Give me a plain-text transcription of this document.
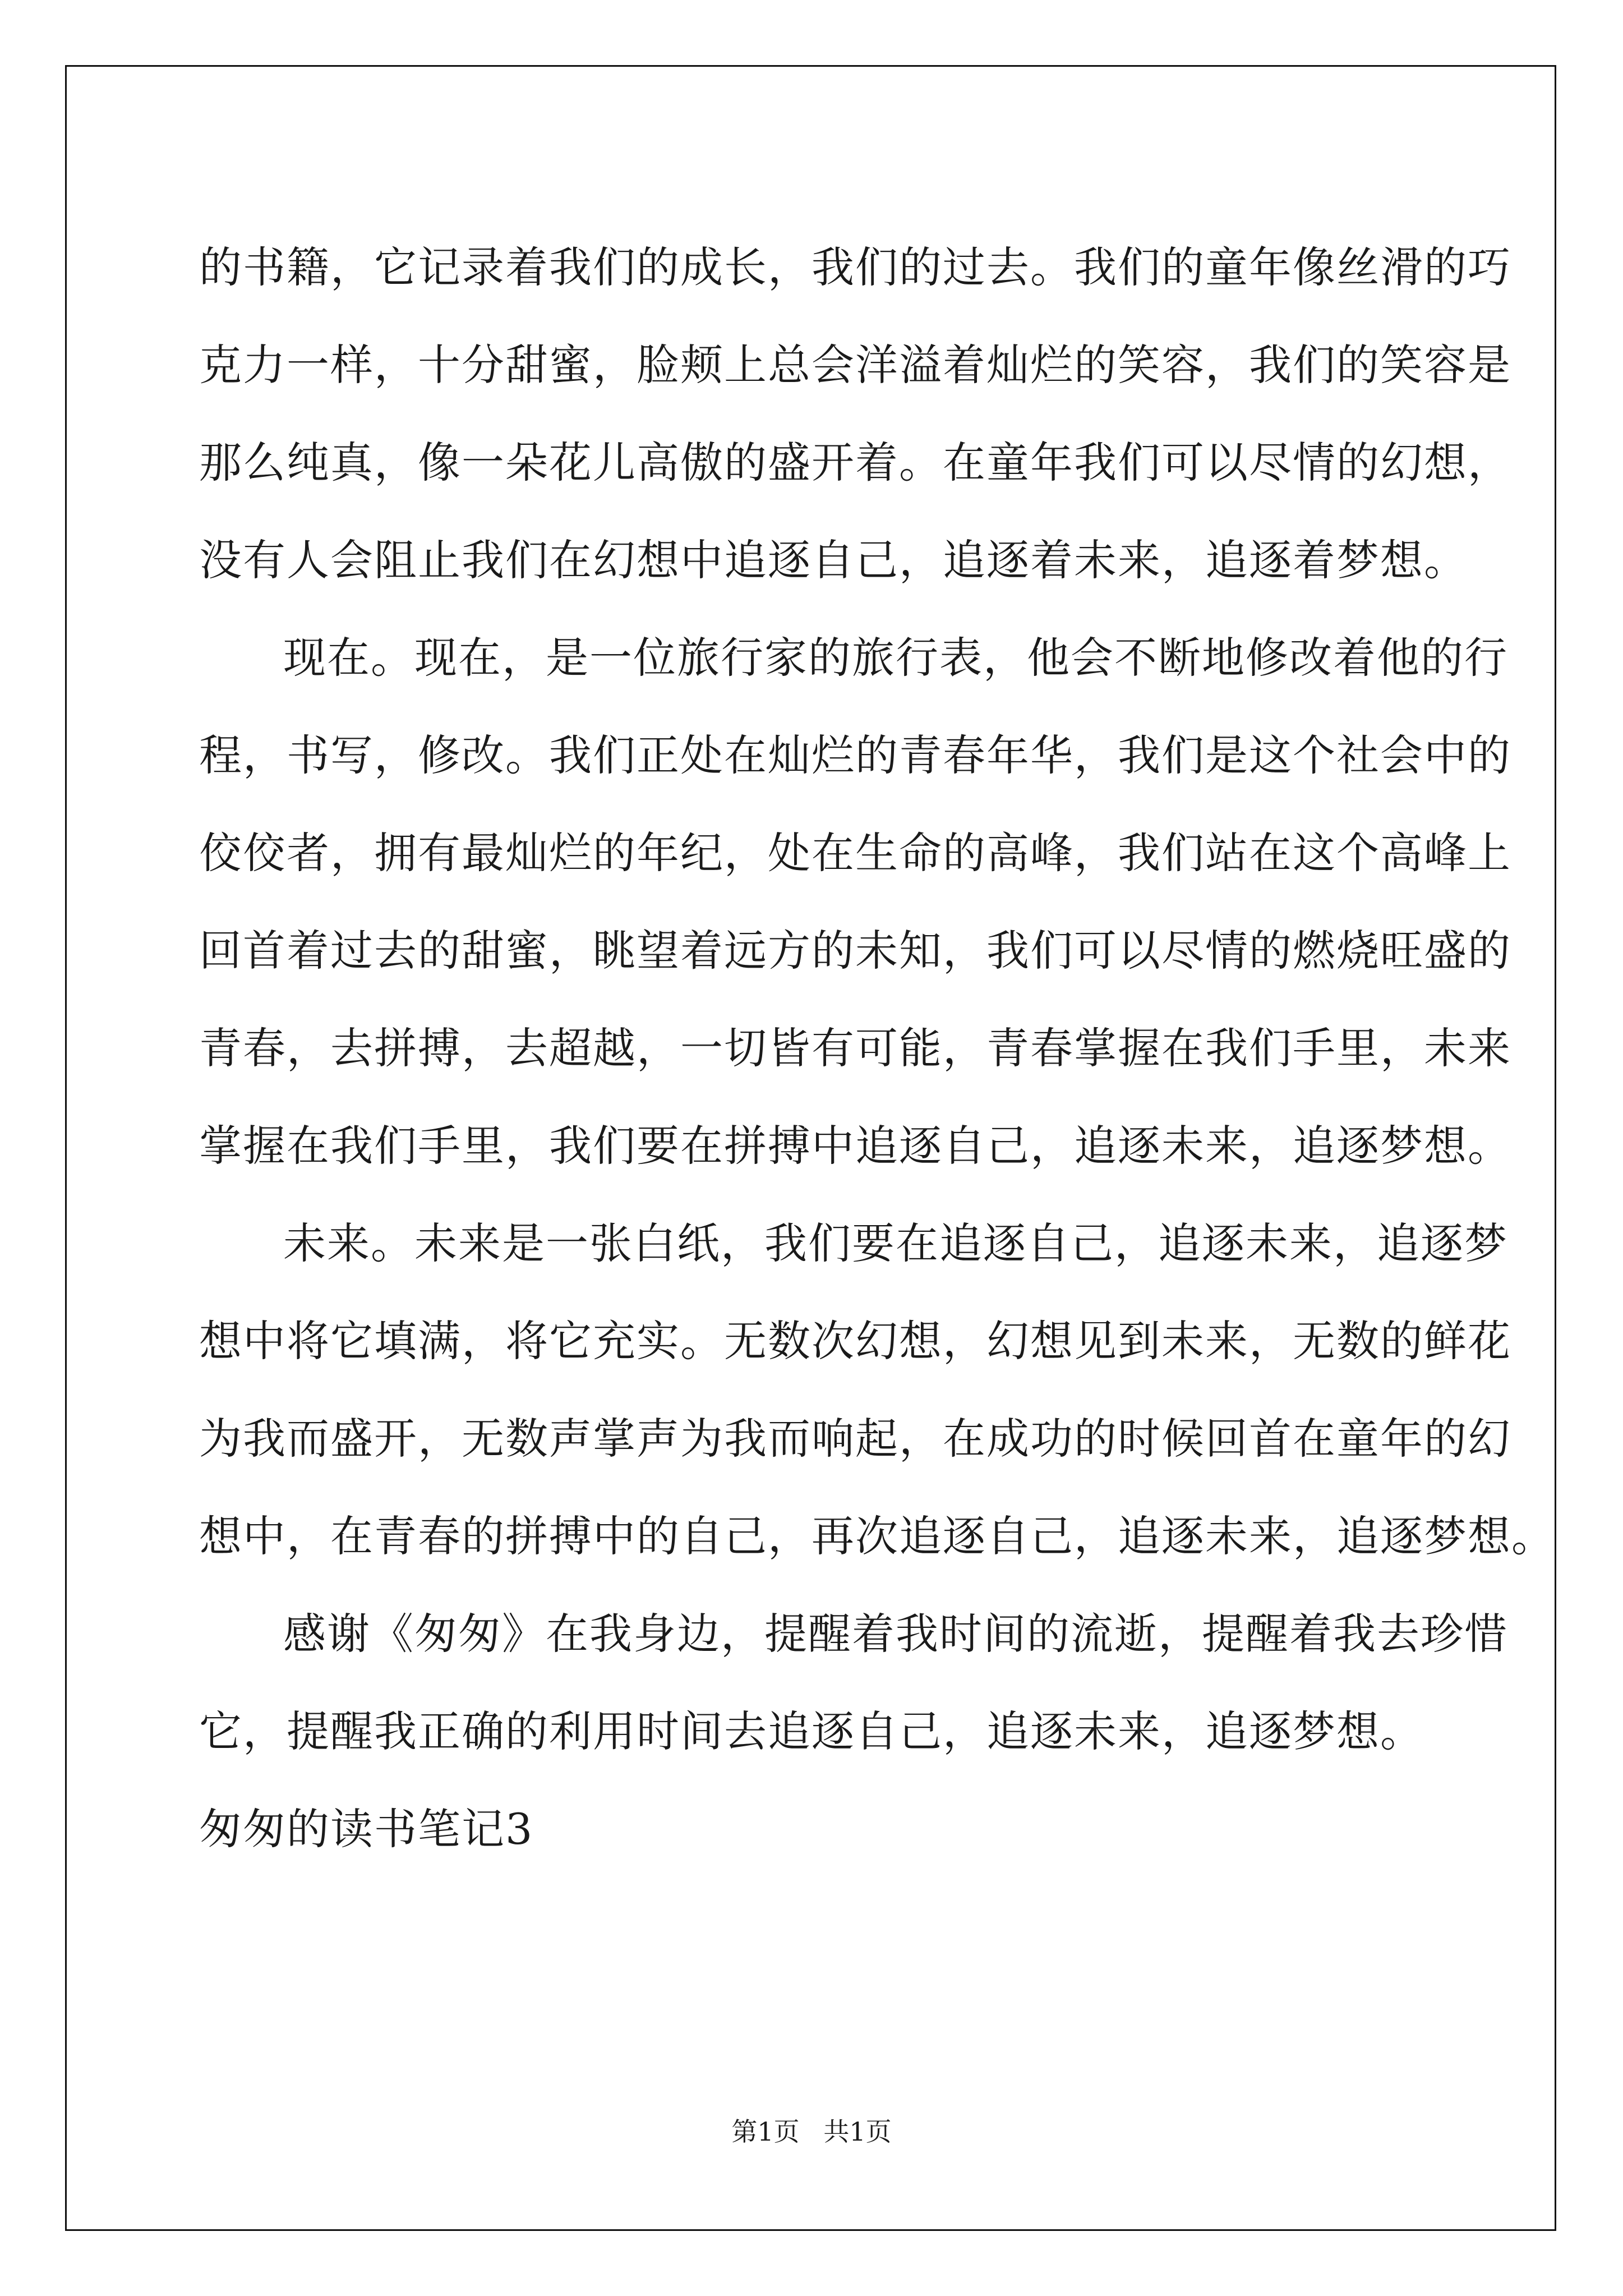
的书籍，它记录着我们的成长，我们的过去。我们的童年像丝滑的巧
克力一样，十分甜蜜，脸颊上总会洋溢着灿烂的笑容，我们的笑容是
那么纯真，像一朵花儿高傲的盛开着。在童年我们可以尽情的幻想，
没有人会阻止我们在幻想中追逐自己，追逐着未来，追逐着梦想。
现在。现在，是一位旅行家的旅行表，他会不断地修改着他的行
程，书写，修改。我们正处在灿烂的青春年华，我们是这个社会中的
佼佼者，拥有最灿烂的年纪，处在生命的高峰，我们站在这个高峰上
回首着过去的甜蜜，眺望着远方的未知，我们可以尽情的燃烧旺盛的
青春，去拼搏，去超越，一切皆有可能，青春掌握在我们手里，未来
掌握在我们手里，我们要在拼搏中追逐自己，追逐未来，追逐梦想。
未来。未来是一张白纸，我们要在追逐自己，追逐未来，追逐梦
想中将它填满，将它充实。无数次幻想，幻想见到未来，无数的鲜花
为我而盛开，无数声掌声为我而响起，在成功的时候回首在童年的幻
想中，在青春的拼搏中的自己，再次追逐自己，追逐未来，追逐梦想。
感谢《匆匆》在我身边，提醒着我时间的流逝，提醒着我去珍惜
它，提醒我正确的利用时间去追逐自己，追逐未来，追逐梦想。
匆匆的读书笔记3
第1页 共1页
